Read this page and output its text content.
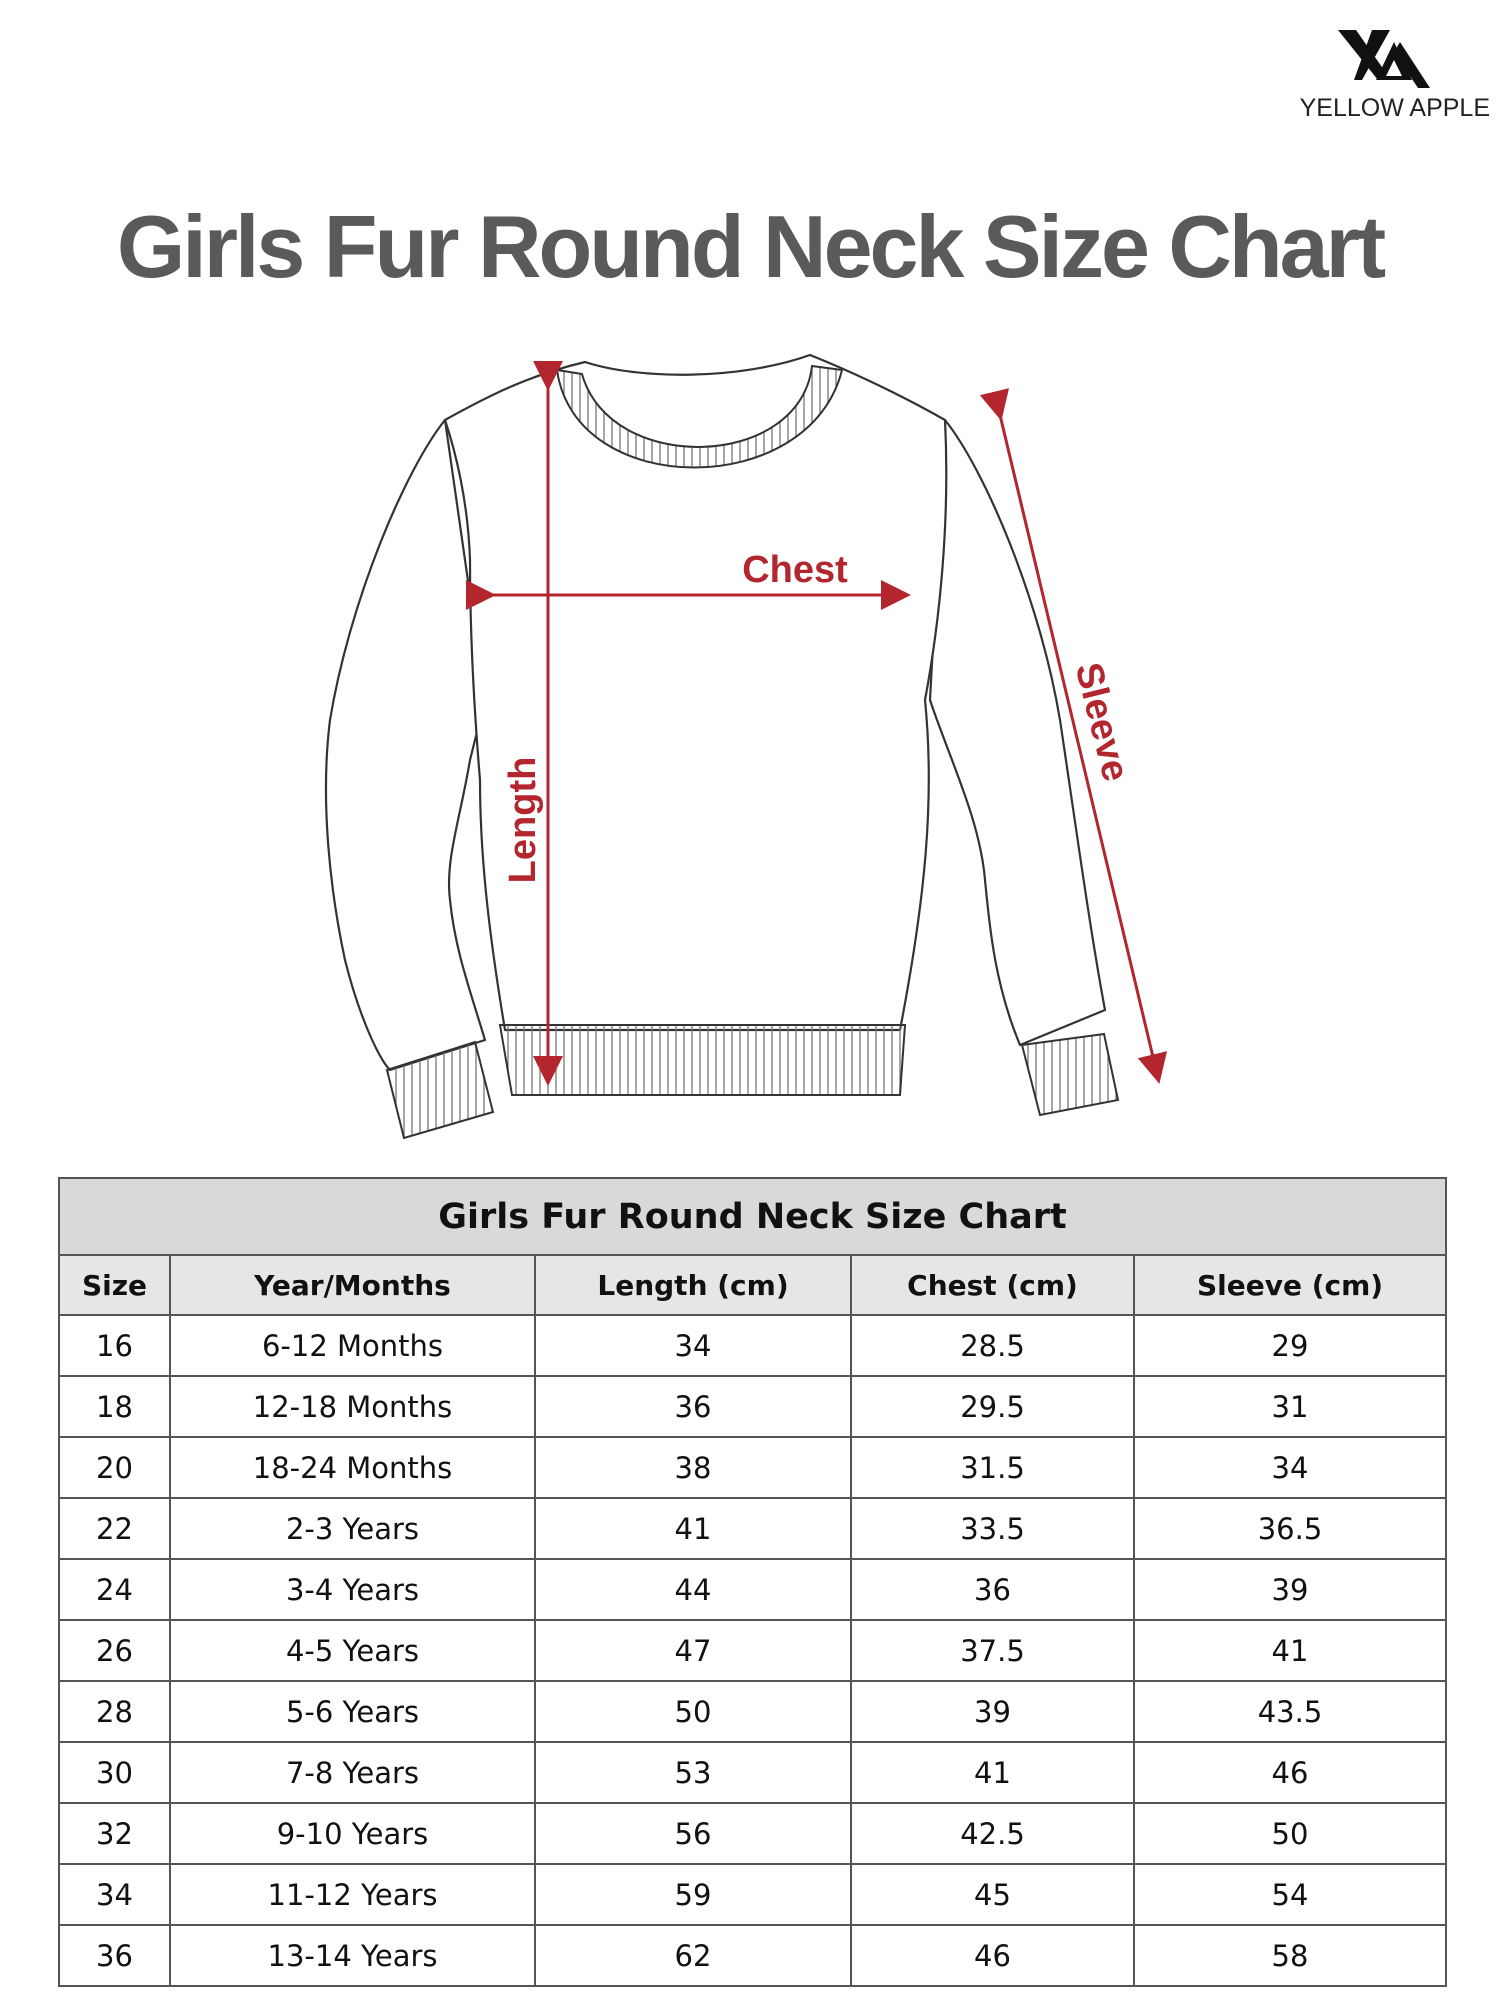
YELLOW APPLE
Girls Fur Round Neck Size Chart
Chest
Length
Sleeve
Girls Fur Round Neck Size Chart				
Size	Year/Months	Length (cm)	Chest (cm)	Sleeve (cm)
16	6-12 Months	34	28.5	29
18	12-18 Months	36	29.5	31
20	18-24 Months	38	31.5	34
22	2-3 Years	41	33.5	36.5
24	3-4 Years	44	36	39
26	4-5 Years	47	37.5	41
28	5-6 Years	50	39	43.5
30	7-8 Years	53	41	46
32	9-10 Years	56	42.5	50
34	11-12 Years	59	45	54
36	13-14 Years	62	46	58
